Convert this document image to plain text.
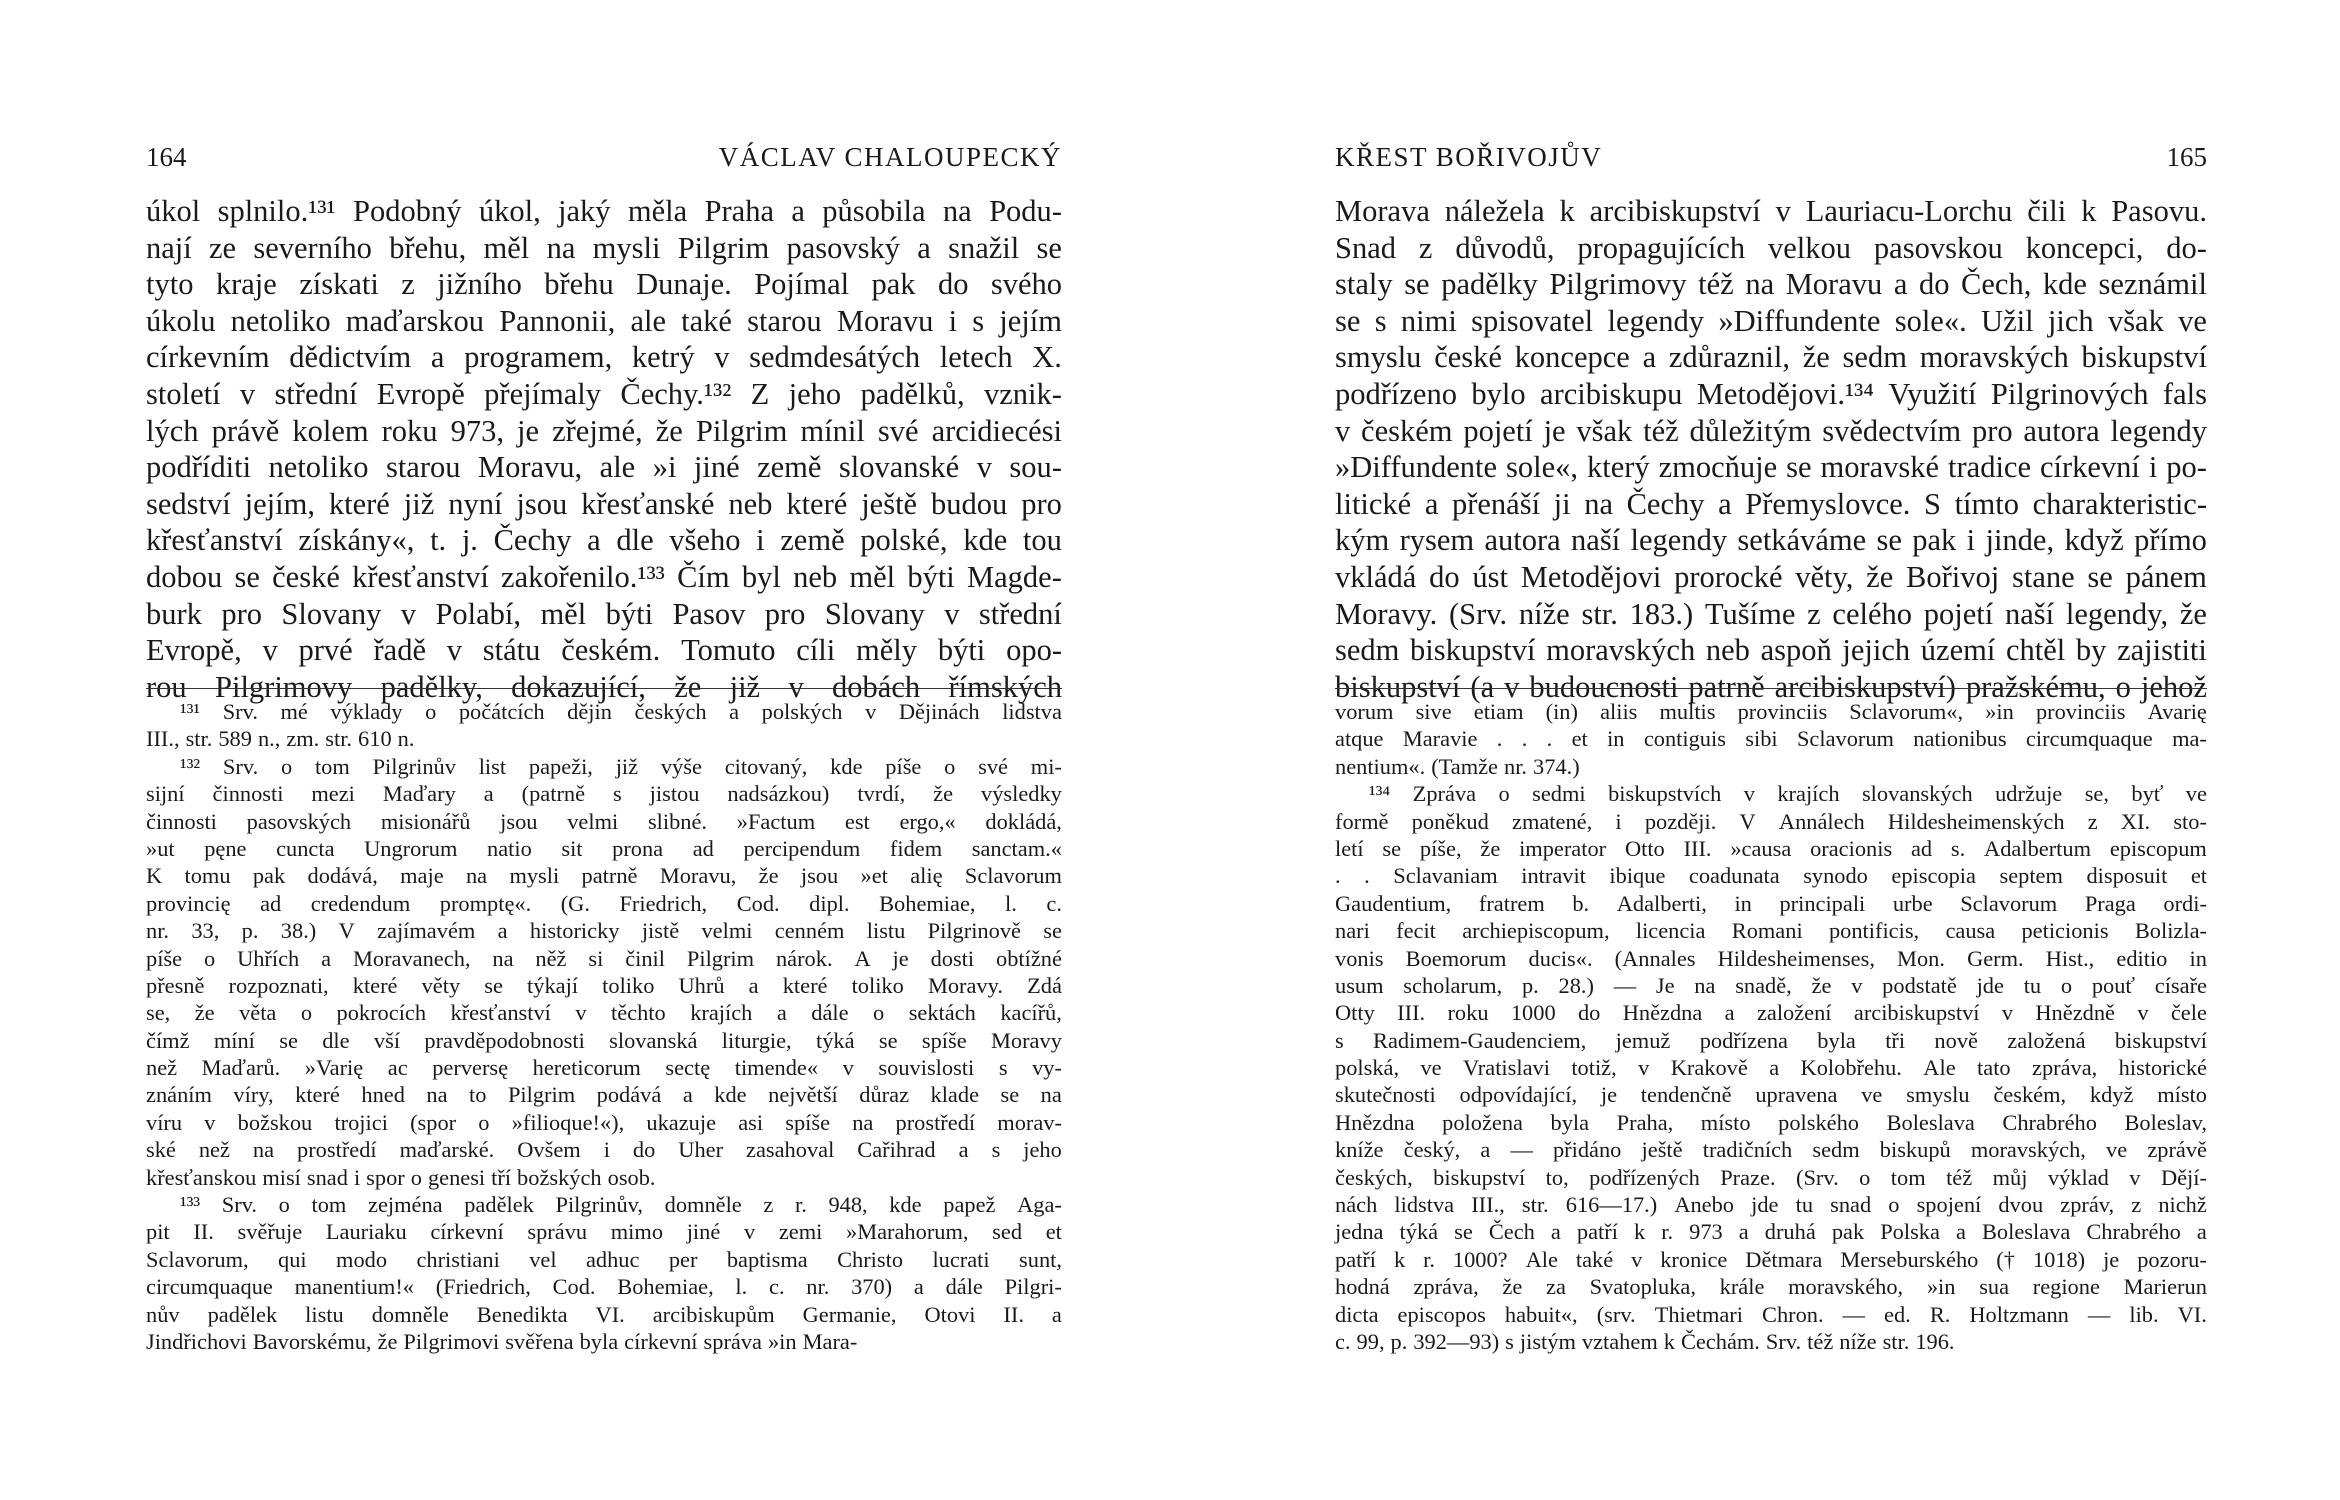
164	VÁCLAV CHALOUPECKÝ
úkol splnilo.¹³¹ Podobný úkol, jaký měla Praha a působila na Podu-
nají ze severního břehu, měl na mysli Pilgrim pasovský a snažil se
tyto kraje získati z jižního břehu Dunaje. Pojímal pak do svého
úkolu netoliko maďarskou Pannonii, ale také starou Moravu i s jejím
církevním dědictvím a programem, ketrý v sedmdesátých letech X.
století v střední Evropě přejímaly Čechy.¹³² Z jeho padělků, vznik-
lých právě kolem roku 973, je zřejmé, že Pilgrim mínil své arcidiecési
podříditi netoliko starou Moravu, ale »i jiné země slovanské v sou-
sedství jejím, které již nyní jsou křesťanské neb které ještě budou pro
křesťanství získány«, t. j. Čechy a dle všeho i země polské, kde tou
dobou se české křesťanství zakořenilo.¹³³ Čím byl neb měl býti Magde-
burk pro Slovany v Polabí, měl býti Pasov pro Slovany v střední
Evropě, v prvé řadě v státu českém. Tomuto cíli měly býti opo-
rou Pilgrimovy padělky, dokazující, že již v dobách římských
¹³¹ Srv. mé výklady o počátcích dějin českých a polských v Dějinách lidstva
III., str. 589 n., zm. str. 610 n.
¹³² Srv. o tom Pilgrinův list papeži, již výše citovaný, kde píše o své mi-
sijní činnosti mezi Maďary a (patrně s jistou nadsázkou) tvrdí, že výsledky
činnosti pasovských misionářů jsou velmi slibné. »Factum est ergo,« dokládá,
»ut pęne cuncta Ungrorum natio sit prona ad percipendum fidem sanctam.«
K tomu pak dodává, maje na mysli patrně Moravu, že jsou »et alię Sclavorum
provincię ad credendum promptę«. (G. Friedrich, Cod. dipl. Bohemiae, l. c.
nr. 33, p. 38.) V zajímavém a historicky jistě velmi cenném listu Pilgrinově se
píše o Uhřích a Moravanech, na něž si činil Pilgrim nárok. A je dosti obtížné
přesně rozpoznati, které věty se týkají toliko Uhrů a které toliko Moravy. Zdá
se, že věta o pokrocích křesťanství v těchto krajích a dále o sektách kacířů,
čímž míní se dle vší pravděpodobnosti slovanská liturgie, týká se spíše Moravy
než Maďarů. »Varię ac perversę hereticorum sectę timende« v souvislosti s vy-
znáním víry, které hned na to Pilgrim podává a kde největší důraz klade se na
víru v božskou trojici (spor o »filioque!«), ukazuje asi spíše na prostředí morav-
ské než na prostředí maďarské. Ovšem i do Uher zasahoval Cařihrad a s jeho
křesťanskou misí snad i spor o genesi tří božských osob.
¹³³ Srv. o tom zejména padělek Pilgrinův, domněle z r. 948, kde papež Aga-
pit II. svěřuje Lauriaku církevní správu mimo jiné v zemi »Marahorum, sed et
Sclavorum, qui modo christiani vel adhuc per baptisma Christo lucrati sunt,
circumquaque manentium!« (Friedrich, Cod. Bohemiae, l. c. nr. 370) a dále Pilgri-
nův padělek listu domněle Benedikta VI. arcibiskupům Germanie, Otovi II. a
Jindřichovi Bavorskému, že Pilgrimovi svěřena byla církevní správa »in Mara-
KŘEST BOŘIVOJŮV	165
Morava náležela k arcibiskupství v Lauriacu-Lorchu čili k Pasovu.
Snad z důvodů, propagujících velkou pasovskou koncepci, do-
staly se padělky Pilgrimovy též na Moravu a do Čech, kde seznámil
se s nimi spisovatel legendy »Diffundente sole«. Užil jich však ve
smyslu české koncepce a zdůraznil, že sedm moravských biskupství
podřízeno bylo arcibiskupu Metodějovi.¹³⁴ Využití Pilgrinových fals
v českém pojetí je však též důležitým svědectvím pro autora legendy
»Diffundente sole«, který zmocňuje se moravské tradice církevní i po-
litické a přenáší ji na Čechy a Přemyslovce. S tímto charakteristic-
kým rysem autora naší legendy setkáváme se pak i jinde, když přímo
vkládá do úst Metodějovi prorocké věty, že Bořivoj stane se pánem
Moravy. (Srv. níže str. 183.) Tušíme z celého pojetí naší legendy, že
sedm biskupství moravských neb aspoň jejich území chtěl by zajistiti
biskupství (a v budoucnosti patrně arcibiskupství) pražskému, o jehož
vorum sive etiam (in) aliis multis provinciis Sclavorum«, »in provinciis Avarię
atque Maravie . . . et in contiguis sibi Sclavorum nationibus circumquaque ma-
nentium«. (Tamže nr. 374.)
¹³⁴ Zpráva o sedmi biskupstvích v krajích slovanských udržuje se, byť ve
formě poněkud zmatené, i později. V Annálech Hildesheimenských z XI. sto-
letí se píše, že imperator Otto III. »causa oracionis ad s. Adalbertum episcopum
. . Sclavaniam intravit ibique coadunata synodo episcopia septem disposuit et
Gaudentium, fratrem b. Adalberti, in principali urbe Sclavorum Praga ordi-
nari fecit archiepiscopum, licencia Romani pontificis, causa peticionis Bolizla-
vonis Boemorum ducis«. (Annales Hildesheimenses, Mon. Germ. Hist., editio in
usum scholarum, p. 28.) — Je na snadě, že v podstatě jde tu o pouť císaře
Otty III. roku 1000 do Hnězdna a založení arcibiskupství v Hnězdně v čele
s Radimem-Gaudenciem, jemuž podřízena byla tři nově založená biskupství
polská, ve Vratislavi totiž, v Krakově a Kolobřehu. Ale tato zpráva, historické
skutečnosti odpovídající, je tendenčně upravena ve smyslu českém, když místo
Hnězdna položena byla Praha, místo polského Boleslava Chrabrého Boleslav,
kníže český, a — přidáno ještě tradičních sedm biskupů moravských, ve zprávě
českých, biskupství to, podřízených Praze. (Srv. o tom též můj výklad v Dějí-
nách lidstva III., str. 616—17.) Anebo jde tu snad o spojení dvou zpráv, z nichž
jedna týká se Čech a patří k r. 973 a druhá pak Polska a Boleslava Chrabrého a
patří k r. 1000? Ale také v kronice Dětmara Merseburského († 1018) je pozoru-
hodná zpráva, že za Svatopluka, krále moravského, »in sua regione Marierun
dicta episcopos habuit«, (srv. Thietmari Chron. — ed. R. Holtzmann — lib. VI.
c. 99, p. 392—93) s jistým vztahem k Čechám. Srv. též níže str. 196.
